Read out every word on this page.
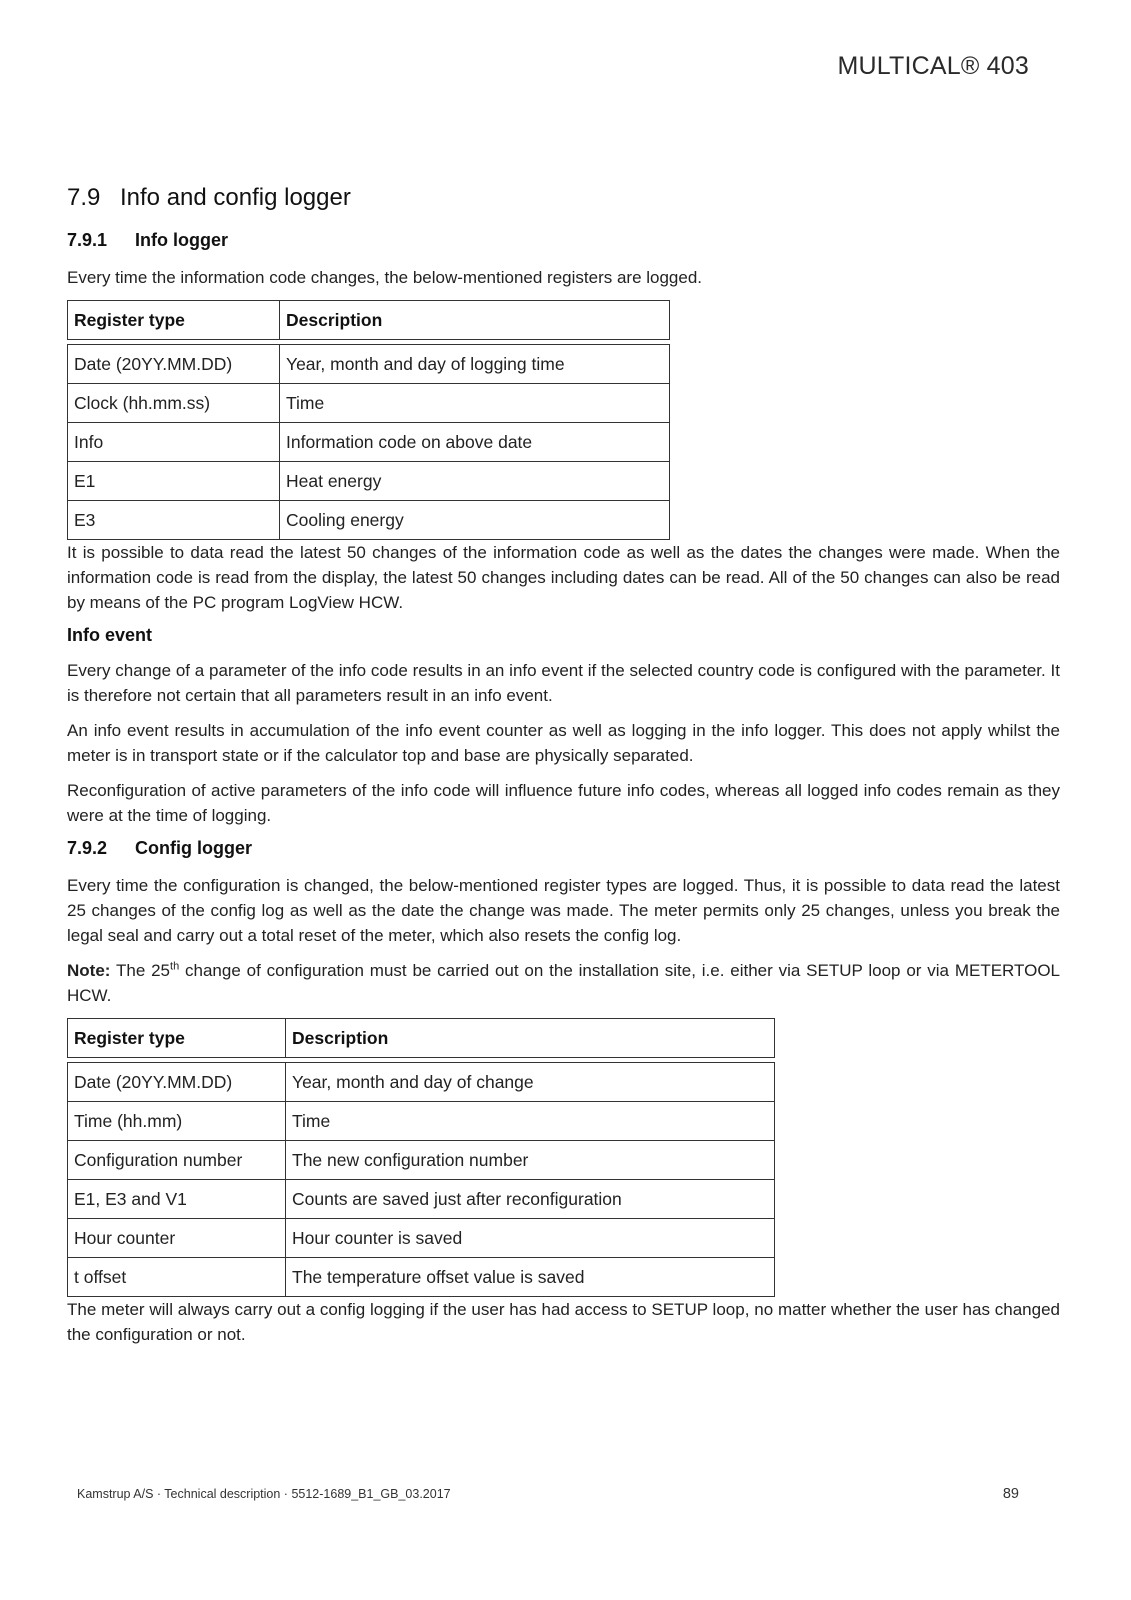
MULTICAL® 403
7.9 Info and config logger
7.9.1 Info logger

Every time the information code changes, the below-mentioned registers are logged.

Register type	Description

Date (20YY.MM.DD)	Year, month and day of logging time
Clock (hh.mm.ss)	Time
Info	Information code on above date
E1	Heat energy
E3	Cooling energy

It is possible to data read the latest 50 changes of the information code as well as the dates the changes were made. When the information code is read from the display, the latest 50 changes including dates can be read. All of the 50 changes can also be read by means of the PC program LogView HCW.

Info event

Every change of a parameter of the info code results in an info event if the selected country code is configured with the parameter. It is therefore not certain that all parameters result in an info event.

An info event results in accumulation of the info event counter as well as logging in the info logger. This does not apply whilst the meter is in transport state or if the calculator top and base are physically separated.

Reconfiguration of active parameters of the info code will influence future info codes, whereas all logged info codes remain as they were at the time of logging.

7.9.2 Config logger

Every time the configuration is changed, the below-mentioned register types are logged. Thus, it is possible to data read the latest 25 changes of the config log as well as the date the change was made. The meter permits only 25 changes, unless you break the legal seal and carry out a total reset of the meter, which also resets the config log.

Note: The 25th change of configuration must be carried out on the installation site, i.e. either via SETUP loop or via METERTOOL HCW.

Register type	Description

Date (20YY.MM.DD)	Year, month and day of change
Time (hh.mm)	Time
Configuration number	The new configuration number
E1, E3 and V1	Counts are saved just after reconfiguration
Hour counter	Hour counter is saved
t offset	The temperature offset value is saved

The meter will always carry out a config logging if the user has had access to SETUP loop, no matter whether the user has changed the configuration or not.

Kamstrup A/S · Technical description · 5512-1689_B1_GB_03.2017	89
